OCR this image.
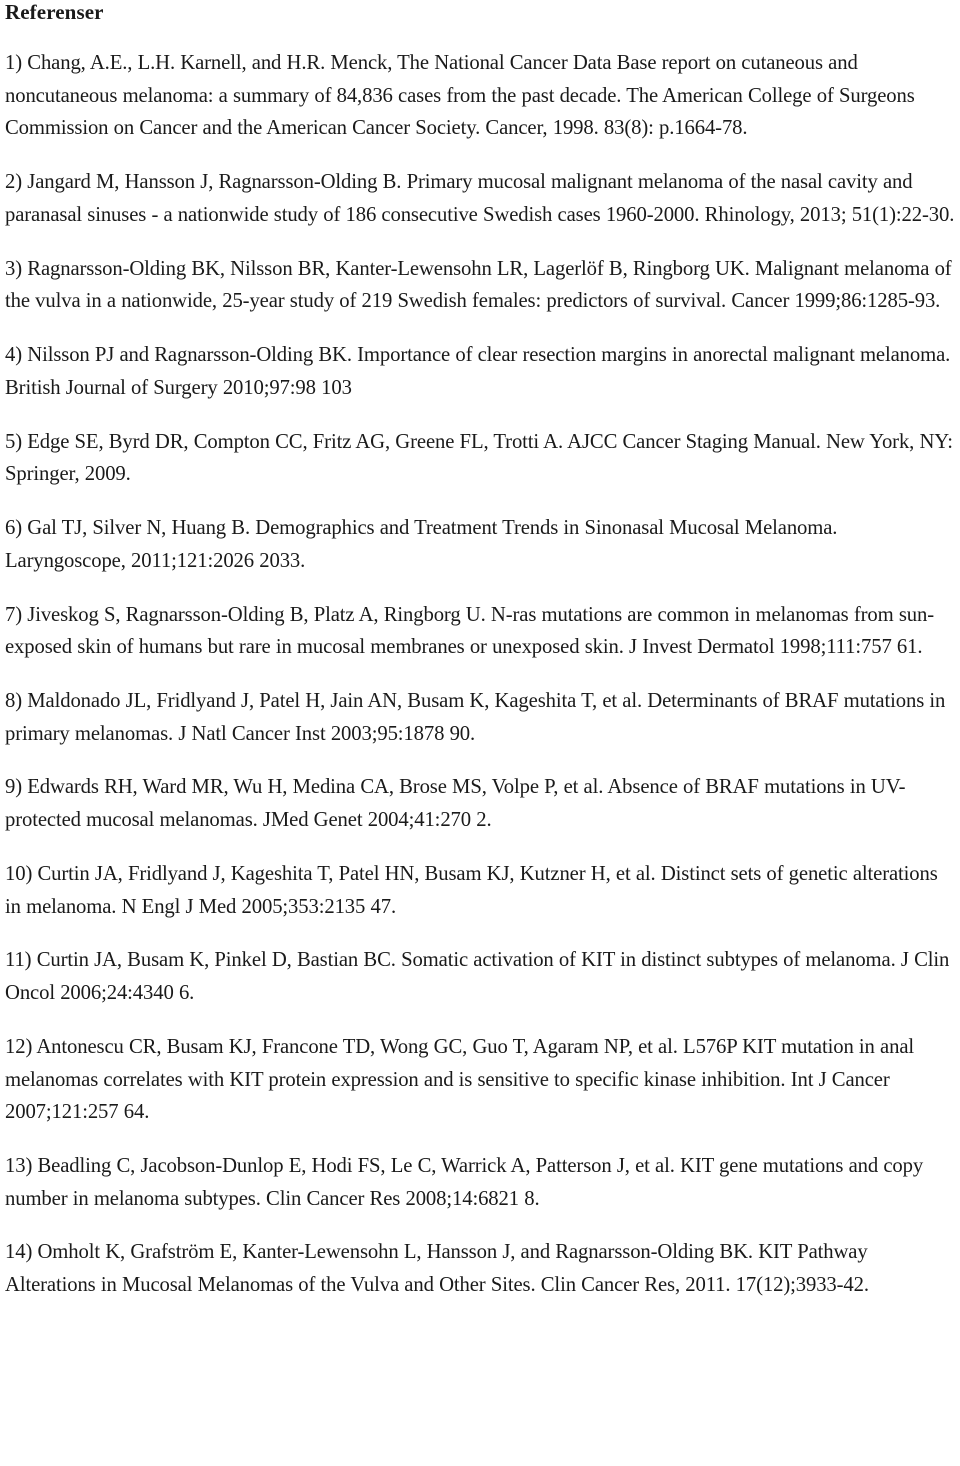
Referenser

1) Chang, A.E., L.H. Karnell, and H.R. Menck, The National Cancer Data Base report on cutaneous and noncutaneous melanoma: a summary of 84,836 cases from the past decade. The American College of Surgeons Commission on Cancer and the American Cancer Society. Cancer, 1998. 83(8): p.1664-78.

2) Jangard M, Hansson J, Ragnarsson-Olding B. Primary mucosal malignant melanoma of the nasal cavity and paranasal sinuses - a nationwide study of 186 consecutive Swedish cases 1960-2000. Rhinology, 2013; 51(1):22-30.

3) Ragnarsson-Olding BK, Nilsson BR, Kanter-Lewensohn LR, Lagerlöf B, Ringborg UK. Malignant melanoma of the vulva in a nationwide, 25-year study of 219 Swedish females: predictors of survival. Cancer 1999;86:1285-93.

4) Nilsson PJ and Ragnarsson-Olding BK. Importance of clear resection margins in anorectal malignant melanoma. British Journal of Surgery 2010;97:98 103

5) Edge SE, Byrd DR, Compton CC, Fritz AG, Greene FL, Trotti A. AJCC Cancer Staging Manual. New York, NY: Springer, 2009.

6) Gal TJ, Silver N, Huang B. Demographics and Treatment Trends in Sinonasal Mucosal Melanoma. Laryngoscope, 2011;121:2026 2033.

7) Jiveskog S, Ragnarsson-Olding B, Platz A, Ringborg U. N-ras mutations are common in melanomas from sun-exposed skin of humans but rare in mucosal membranes or unexposed skin. J Invest Dermatol 1998;111:757 61.

8) Maldonado JL, Fridlyand J, Patel H, Jain AN, Busam K, Kageshita T, et al. Determinants of BRAF mutations in primary melanomas. J Natl Cancer Inst 2003;95:1878 90.

9) Edwards RH, Ward MR, Wu H, Medina CA, Brose MS, Volpe P, et al. Absence of BRAF mutations in UV-protected mucosal melanomas. JMed Genet 2004;41:270 2.

10) Curtin JA, Fridlyand J, Kageshita T, Patel HN, Busam KJ, Kutzner H, et al. Distinct sets of genetic alterations in melanoma. N Engl J Med 2005;353:2135 47.

11) Curtin JA, Busam K, Pinkel D, Bastian BC. Somatic activation of KIT in distinct subtypes of melanoma. J Clin Oncol 2006;24:4340 6.

12) Antonescu CR, Busam KJ, Francone TD, Wong GC, Guo T, Agaram NP, et al. L576P KIT mutation in anal melanomas correlates with KIT protein expression and is sensitive to specific kinase inhibition. Int J Cancer 2007;121:257 64.

13) Beadling C, Jacobson-Dunlop E, Hodi FS, Le C, Warrick A, Patterson J, et al. KIT gene mutations and copy number in melanoma subtypes. Clin Cancer Res 2008;14:6821 8.

14) Omholt K, Grafström E, Kanter-Lewensohn L, Hansson J, and Ragnarsson-Olding BK. KIT Pathway Alterations in Mucosal Melanomas of the Vulva and Other Sites. Clin Cancer Res, 2011. 17(12);3933-42.
